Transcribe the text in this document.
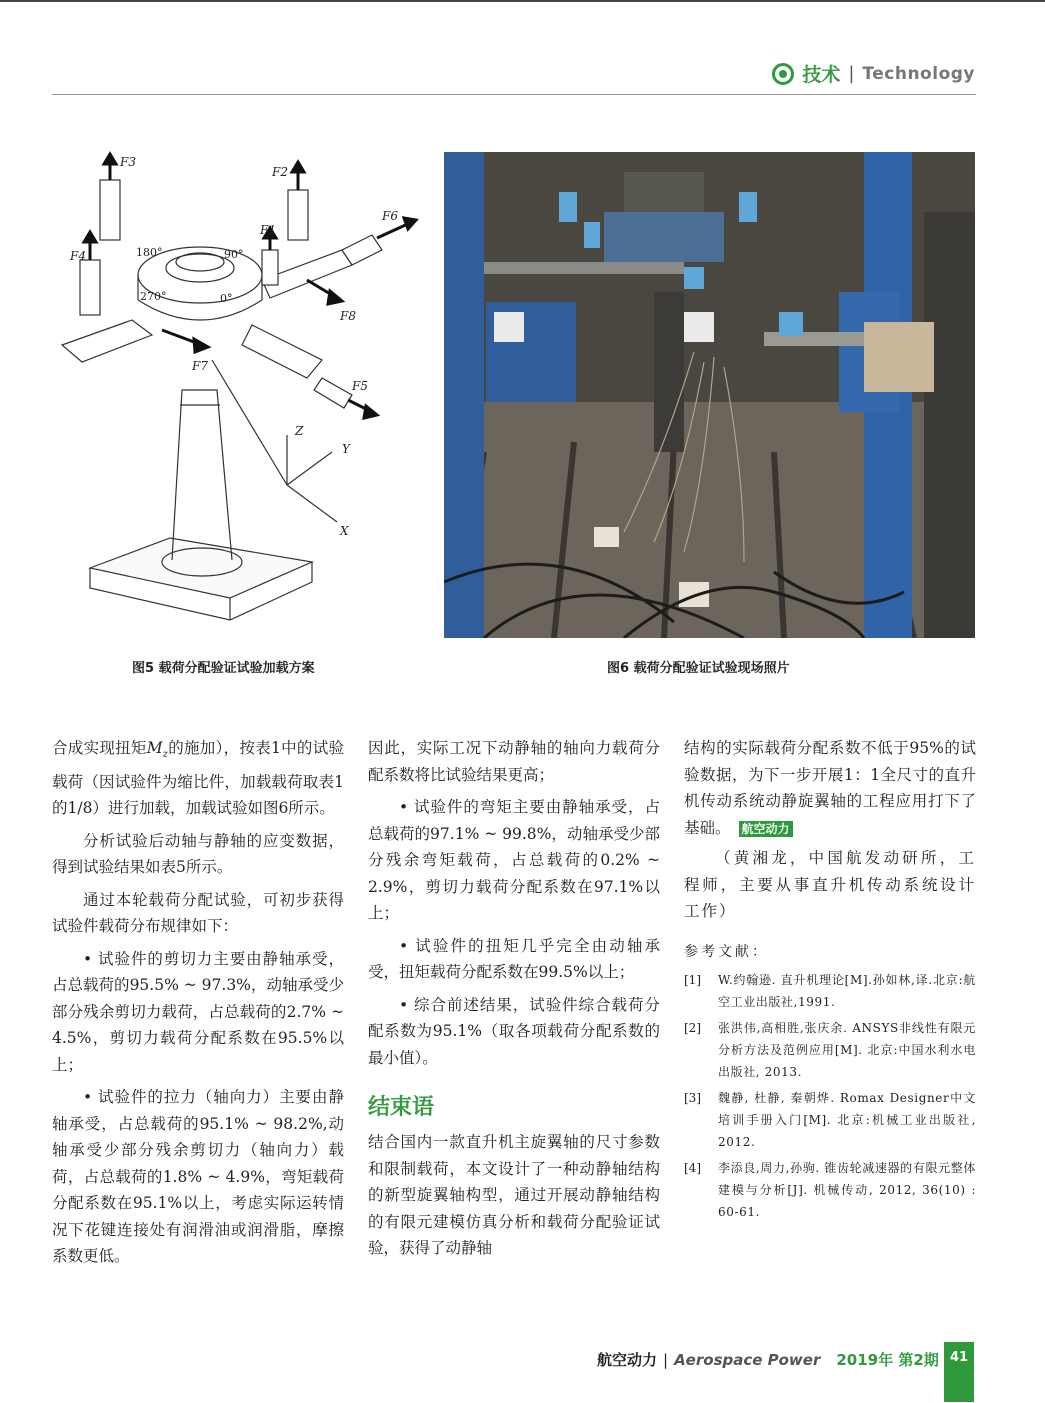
技术 | Technology
F3
F2
F1
F6
F4
F8
F7
F5
Z
Y
X
180°	90°
270°	0°
图5 载荷分配验证试验加载方案	图6 载荷分配验证试验现场照片

合成实现扭矩$M_z$的施加），按表1中的试验载荷（因试验件为缩比件，加载载荷取表1的1/8）进行加载，加载试验如图6所示。

分析试验后动轴与静轴的应变数据，得到试验结果如表5所示。

通过本轮载荷分配试验，可初步获得试验件载荷分布规律如下：

• 试验件的剪切力主要由静轴承受，占总载荷的95.5% ~ 97.3%，动轴承受少部分残余剪切力载荷，占总载荷的2.7% ~ 4.5%，剪切力载荷分配系数在95.5%以上；

• 试验件的拉力（轴向力）主要由静轴承受，占总载荷的95.1% ~ 98.2%,动轴承受少部分残余剪切力（轴向力）载荷，占总载荷的1.8% ~ 4.9%，弯矩载荷分配系数在95.1%以上，考虑实际运转情况下花键连接处有润滑油或润滑脂，摩擦系数更低。

因此，实际工况下动静轴的轴向力载荷分配系数将比试验结果更高；

• 试验件的弯矩主要由静轴承受，占总载荷的97.1% ~ 99.8%，动轴承受少部分残余弯矩载荷，占总载荷的0.2% ~ 2.9%，剪切力载荷分配系数在97.1%以上；

• 试验件的扭矩几乎完全由动轴承受，扭矩载荷分配系数在99.5%以上；

• 综合前述结果，试验件综合载荷分配系数为95.1%（取各项载荷分配系数的最小值）。

结束语

结合国内一款直升机主旋翼轴的尺寸参数和限制载荷，本文设计了一种动静轴结构的新型旋翼轴构型，通过开展动静轴结构的有限元建模仿真分析和载荷分配验证试验，获得了动静轴

结构的实际载荷分配系数不低于95%的试验数据，为下一步开展1：1全尺寸的直升机传动系统动静旋翼轴的工程应用打下了基础。 航空动力

（黄湘龙，中国航发动研所，工程师，主要从事直升机传动系统设计工作）

参考文献：
[1]	W.约翰逊. 直升机理论[M].孙如林,译.北京:航空工业出版社,1991.
[2]	张洪伟,高相胜,张庆余. ANSYS非线性有限元分析方法及范例应用[M]. 北京:中国水利水电出版社, 2013.
[3]	魏静, 杜静, 秦朝烨. Romax Designer中文培训手册入门[M]. 北京:机械工业出版社, 2012.
[4]	李添良,周力,孙驹. 锥齿轮减速器的有限元整体建模与分析[J]. 机械传动, 2012, 36(10) : 60-61.
航空动力 | Aerospace Power 2019年 第2期 41
